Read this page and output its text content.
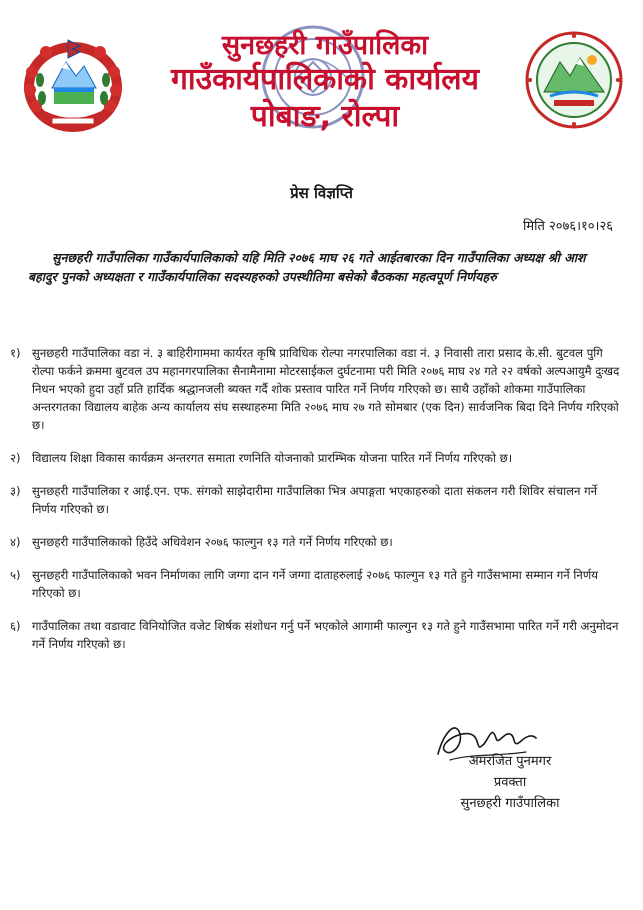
सुनछहरी गाउँपालिका
गाउँकार्यपालिकाको कार्यालय
पोबाङ, रोल्पा
प्रेस विज्ञप्ति
मिति २०७६।१०।२६
सुनछहरी गाउँपालिका गाउँकार्यपालिकाको यहि मिति २०७६ माघ २६ गते आईतबारका दिन गाउँपालिका अध्यक्ष श्री आश बहादुर पुनको अध्यक्षता र गाउँकार्यपालिका सदस्यहरुको उपस्थीतिमा बसेको बैठकका महत्वपूर्ण निर्णयहरु
१) सुनछहरी गाउँपालिका वडा नं. ३ बाहिरीगाममा कार्यरत कृषि प्राविधिक रोल्पा नगरपालिका वडा नं. ३ निवासी तारा प्रसाद के.सी. बुटवल पुगि रोल्पा फर्कने क्रममा बुटवल उप महानगरपालिका सैनामैनामा मोटरसाईकल दुर्घटनामा परी मिति २०७६ माघ २४ गते २२ वर्षको अल्पआयुमै दुःखद निधन भएको हुदा उहाँ प्रति हार्दिक श्रद्धानजली ब्यक्त गर्दै शोक प्रस्ताव पारित गर्ने निर्णय गरिएको छ। साथै उहाँको शोकमा गाउँपालिका अन्तरगतका विद्यालय बाहेक अन्य कार्यालय संघ सस्थाहरुमा मिति २०७६ माघ २७ गते सोमबार (एक दिन) सार्वजनिक बिदा दिने निर्णय गरिएको छ।
२) विद्यालय शिक्षा विकास कार्यक्रम अन्तरगत समाता रणनिति योजनाको प्रारम्भिक योजना पारित गर्ने निर्णय गरिएको छ।
३) सुनछहरी गाउँपालिका र आई.एन. एफ. संगको साझेदारीमा गाउँपालिका भित्र अपाङ्गता भएकाहरुको दाता संकलन गरी शिविर संचालन गर्ने निर्णय गरिएको छ।
४) सुनछहरी गाउँपालिकाको हिउँदे अधिवेशन २०७६ फाल्गुन १३ गते गर्ने निर्णय गरिएको छ।
५) सुनछहरी गाउँपालिकाको भवन निर्माणका लागि जग्गा दान गर्ने जग्गा दाताहरुलाई २०७६ फाल्गुन १३ गते हुने गाउँसभामा सम्मान गर्ने निर्णय गरिएको छ।
६) गाउँपालिका तथा वडावाट विनियोजित वजेट शिर्षक संशोधन गर्नु पर्ने भएकोले आगामी फाल्गुन १३ गते हुने गाउँसभामा पारित गर्ने गरी अनुमोदन गर्ने निर्णय गरिएको छ।
अमरजित पुनमगर
प्रवक्ता
सुनछहरी गाउँपालिका
